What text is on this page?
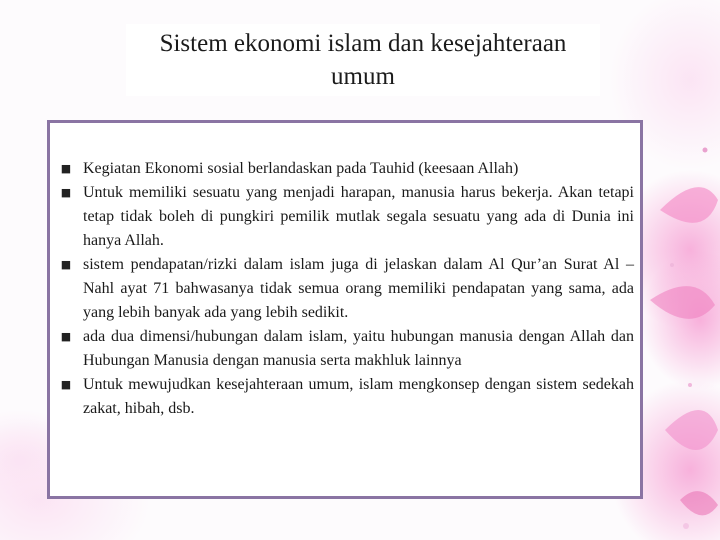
Sistem ekonomi islam dan kesejahteraan
umum
■ Kegiatan Ekonomi sosial berlandaskan pada Tauhid (keesaan Allah)
■ Untuk memiliki sesuatu yang menjadi harapan, manusia harus bekerja. Akan tetapi tetap tidak boleh di pungkiri pemilik mutlak segala sesuatu yang ada di Dunia ini hanya Allah.
■ sistem pendapatan/rizki dalam islam juga di jelaskan dalam Al Qur’an Surat Al – Nahl ayat 71 bahwasanya tidak semua orang memiliki pendapatan yang sama, ada yang lebih banyak ada yang lebih sedikit.
■ ada dua dimensi/hubungan dalam islam, yaitu hubungan manusia dengan Allah dan Hubungan Manusia dengan manusia serta makhluk lainnya
■ Untuk mewujudkan kesejahteraan umum, islam mengkonsep dengan sistem sedekah zakat, hibah, dsb.
